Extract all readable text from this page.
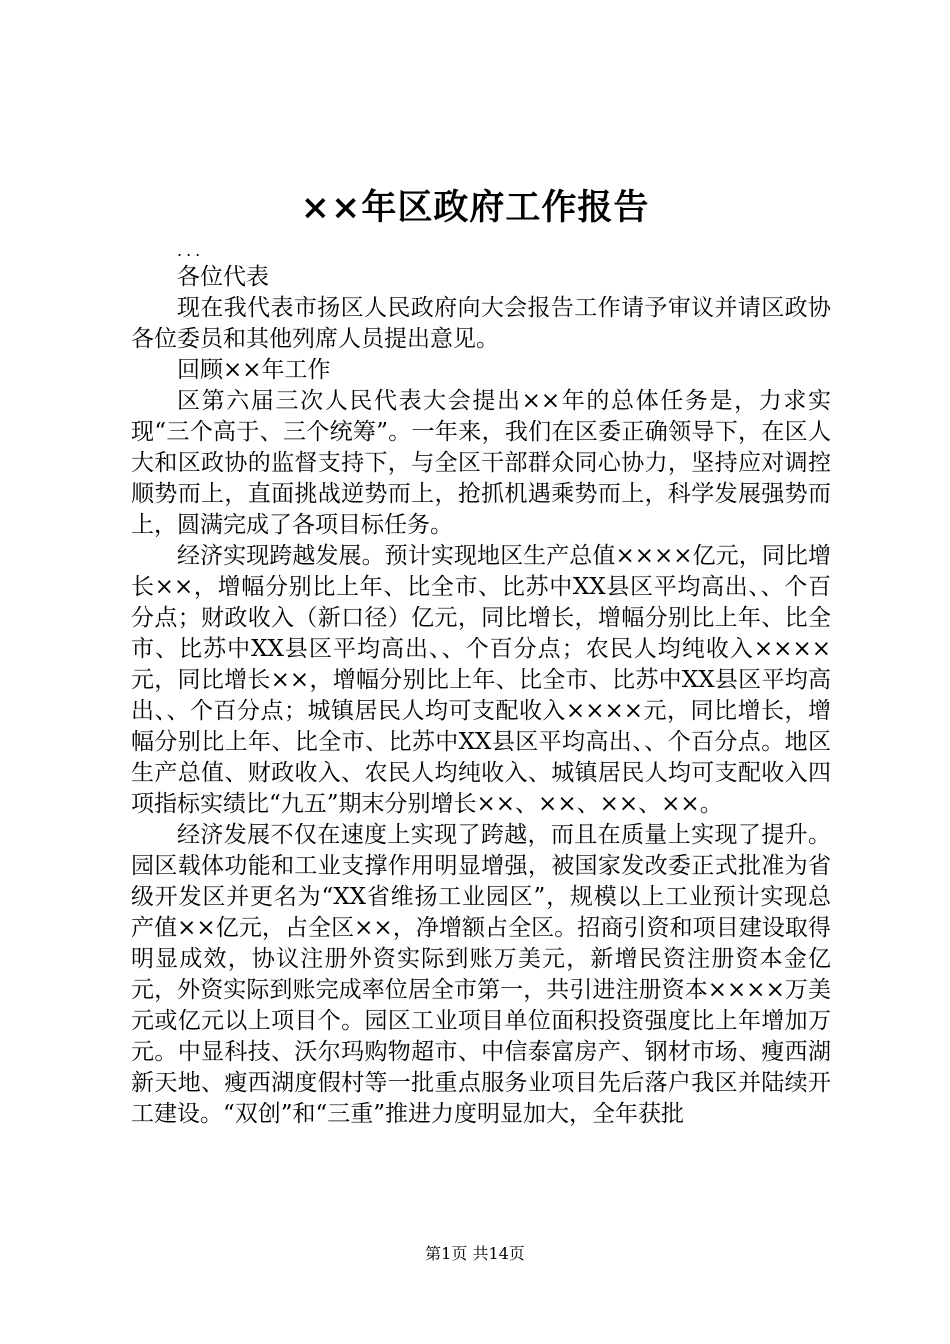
××年区政府工作报告

...

各位代表

现在我代表市扬区人民政府向大会报告工作请予审议并请区政协各位委员和其他列席人员提出意见。

回顾××年工作

区第六届三次人民代表大会提出××年的总体任务是，力求实现“三个高于、三个统筹”。一年来，我们在区委正确领导下，在区人大和区政协的监督支持下，与全区干部群众同心协力，坚持应对调控顺势而上，直面挑战逆势而上，抢抓机遇乘势而上，科学发展强势而上，圆满完成了各项目标任务。

经济实现跨越发展。预计实现地区生产总值××××亿元，同比增长××，增幅分别比上年、比全市、比苏中XX县区平均高出、、个百分点；财政收入（新口径）亿元，同比增长，增幅分别比上年、比全市、比苏中XX县区平均高出、、个百分点；农民人均纯收入××××元，同比增长××，增幅分别比上年、比全市、比苏中XX县区平均高出、、个百分点；城镇居民人均可支配收入××××元，同比增长，增幅分别比上年、比全市、比苏中XX县区平均高出、、个百分点。地区生产总值、财政收入、农民人均纯收入、城镇居民人均可支配收入四项指标实绩比“九五”期末分别增长××、××、××、××。

经济发展不仅在速度上实现了跨越，而且在质量上实现了提升。园区载体功能和工业支撑作用明显增强，被国家发改委正式批准为省级开发区并更名为“XX省维扬工业园区”，规模以上工业预计实现总产值××亿元，占全区××，净增额占全区。招商引资和项目建设取得明显成效，协议注册外资实际到账万美元，新增民资注册资本金亿元，外资实际到账完成率位居全市第一，共引进注册资本××××万美元或亿元以上项目个。园区工业项目单位面积投资强度比上年增加万元。中显科技、沃尔玛购物超市、中信泰富房产、钢材市场、瘦西湖新天地、瘦西湖度假村等一批重点服务业项目先后落户我区并陆续开工建设。“双创”和“三重”推进力度明显加大，全年获批

第1页 共14页
